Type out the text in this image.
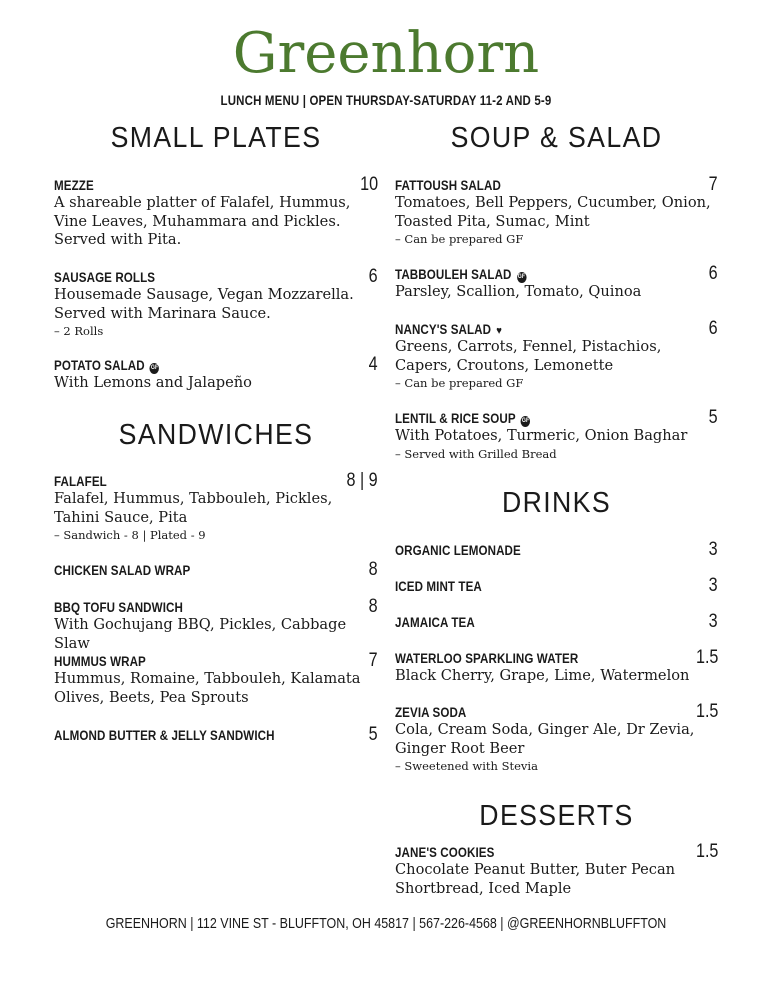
Greenhorn
LUNCH MENU | OPEN THURSDAY-SATURDAY 11-2 AND 5-9
SMALL PLATES
MEZZE	10
A shareable platter of Falafel, Hummus, Vine Leaves, Muhammara and Pickles. Served with Pita.
SAUSAGE ROLLS	6
Housemade Sausage, Vegan Mozzarella. Served with Marinara Sauce.
– 2 Rolls
POTATO SALAD GF	4
With Lemons and Jalapeño
SANDWICHES
FALAFEL	8 | 9
Falafel, Hummus, Tabbouleh, Pickles, Tahini Sauce, Pita
– Sandwich - 8 | Plated - 9
CHICKEN SALAD WRAP	8
BBQ TOFU SANDWICH	8
With Gochujang BBQ, Pickles, Cabbage Slaw
HUMMUS WRAP	7
Hummus, Romaine, Tabbouleh, Kalamata Olives, Beets, Pea Sprouts
ALMOND BUTTER & JELLY SANDWICH	5
SOUP & SALAD
FATTOUSH SALAD	7
Tomatoes, Bell Peppers, Cucumber, Onion, Toasted Pita, Sumac, Mint
– Can be prepared GF
TABBOULEH SALAD GF	6
Parsley, Scallion, Tomato, Quinoa
NANCY'S SALAD ♥	6
Greens, Carrots, Fennel, Pistachios, Capers, Croutons, Lemonette
– Can be prepared GF
LENTIL & RICE SOUP GF	5
With Potatoes, Turmeric, Onion Baghar
– Served with Grilled Bread
DRINKS
ORGANIC LEMONADE	3
ICED MINT TEA	3
JAMAICA TEA	3
WATERLOO SPARKLING WATER	1.5
Black Cherry, Grape, Lime, Watermelon
ZEVIA SODA	1.5
Cola, Cream Soda, Ginger Ale, Dr Zevia, Ginger Root Beer
– Sweetened with Stevia
DESSERTS
JANE'S COOKIES	1.5
Chocolate Peanut Butter, Buter Pecan Shortbread, Iced Maple
GREENHORN | 112 VINE ST - BLUFFTON, OH 45817 | 567-226-4568 | @GREENHORNBLUFFTON
